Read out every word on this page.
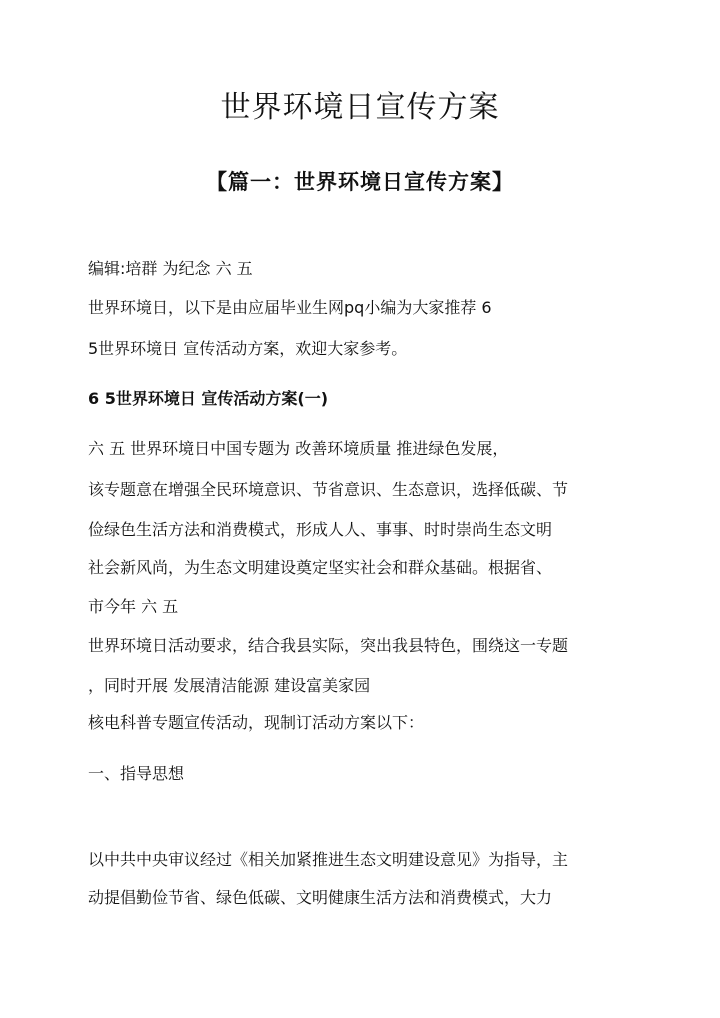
世界环境日宣传方案
【篇一：世界环境日宣传方案】

编辑:培群 为纪念 六 五

世界环境日，以下是由应届毕业生网pq小编为大家推荐 6

5世界环境日 宣传活动方案，欢迎大家参考。

6 5世界环境日 宣传活动方案(一)

六 五 世界环境日中国专题为 改善环境质量 推进绿色发展，

该专题意在增强全民环境意识、节省意识、生态意识，选择低碳、节

俭绿色生活方法和消费模式，形成人人、事事、时时崇尚生态文明

社会新风尚，为生态文明建设奠定坚实社会和群众基础。根据省、

市今年 六 五

世界环境日活动要求，结合我县实际，突出我县特色，围绕这一专题

，同时开展 发展清洁能源 建设富美家园

核电科普专题宣传活动，现制订活动方案以下：

一、指导思想

以中共中央审议经过《相关加紧推进生态文明建设意见》为指导，主

动提倡勤俭节省、绿色低碳、文明健康生活方法和消费模式，大力
